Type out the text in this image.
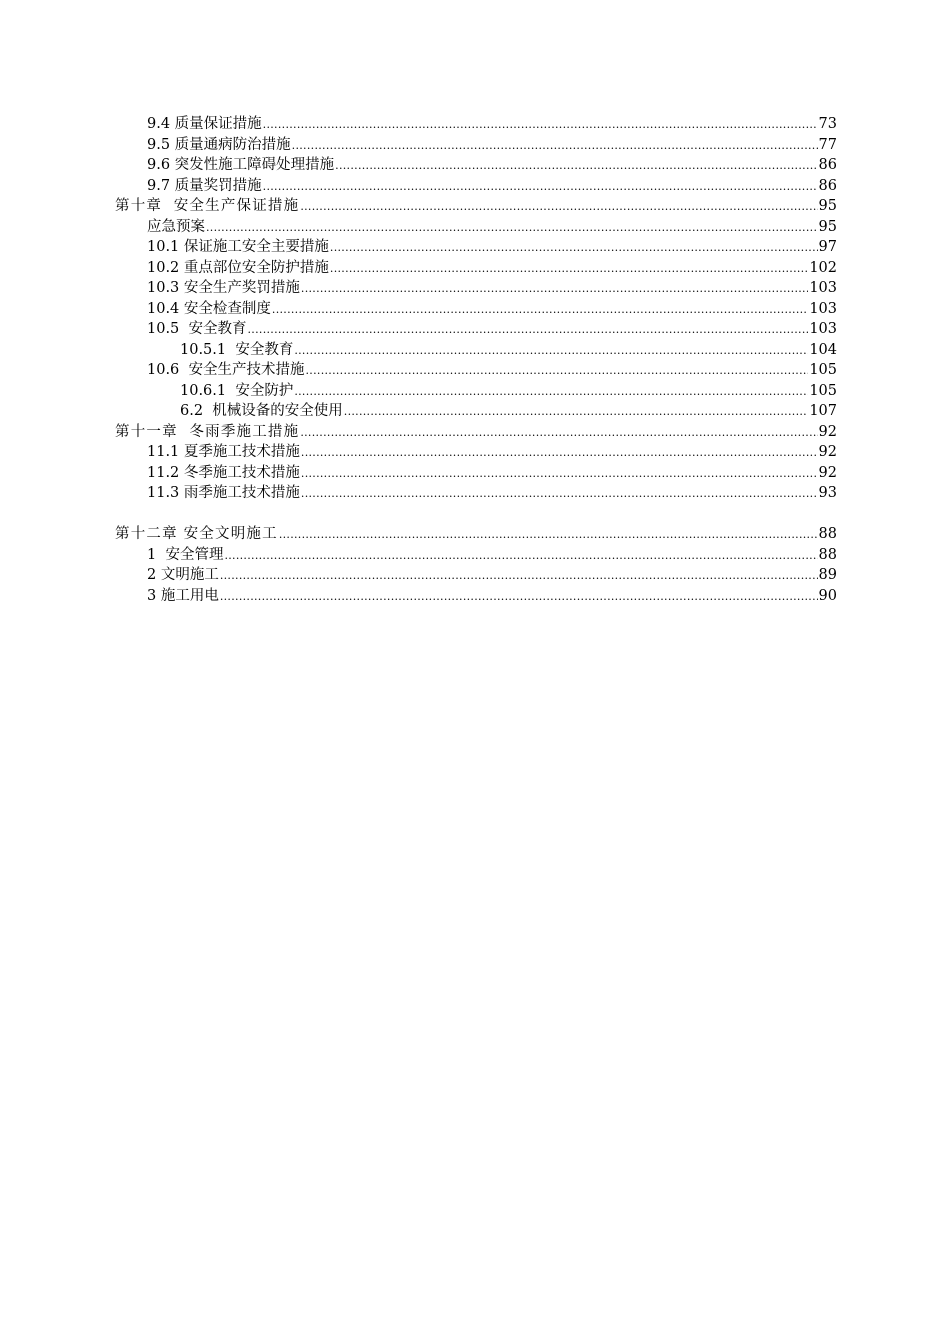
9.4 质量保证措施 .....	73
9.5 质量通病防治措施 .....	77
9.6 突发性施工障碍处理措施 .....	86
9.7 质量奖罚措施 .....	86
第十章  安全生产保证措施 .....	95
应急预案 .....	95
10.1 保证施工安全主要措施 .....	97
10.2 重点部位安全防护措施 .....	102
10.3 安全生产奖罚措施 .....	103
10.4 安全检查制度 .....	103
10.5  安全教育 .....	103
10.5.1  安全教育 .....	104
10.6  安全生产技术措施 .....	105
10.6.1  安全防护 .....	105
6.2  机械设备的安全使用 .....	107
第十一章  冬雨季施工措施 .....	92
11.1 夏季施工技术措施 .....	92
11.2 冬季施工技术措施 .....	92
11.3 雨季施工技术措施 .....	93
第十二章 安全文明施工 .....	88
1  安全管理 .....	88
2 文明施工 .....	89
3 施工用电 .....	90
